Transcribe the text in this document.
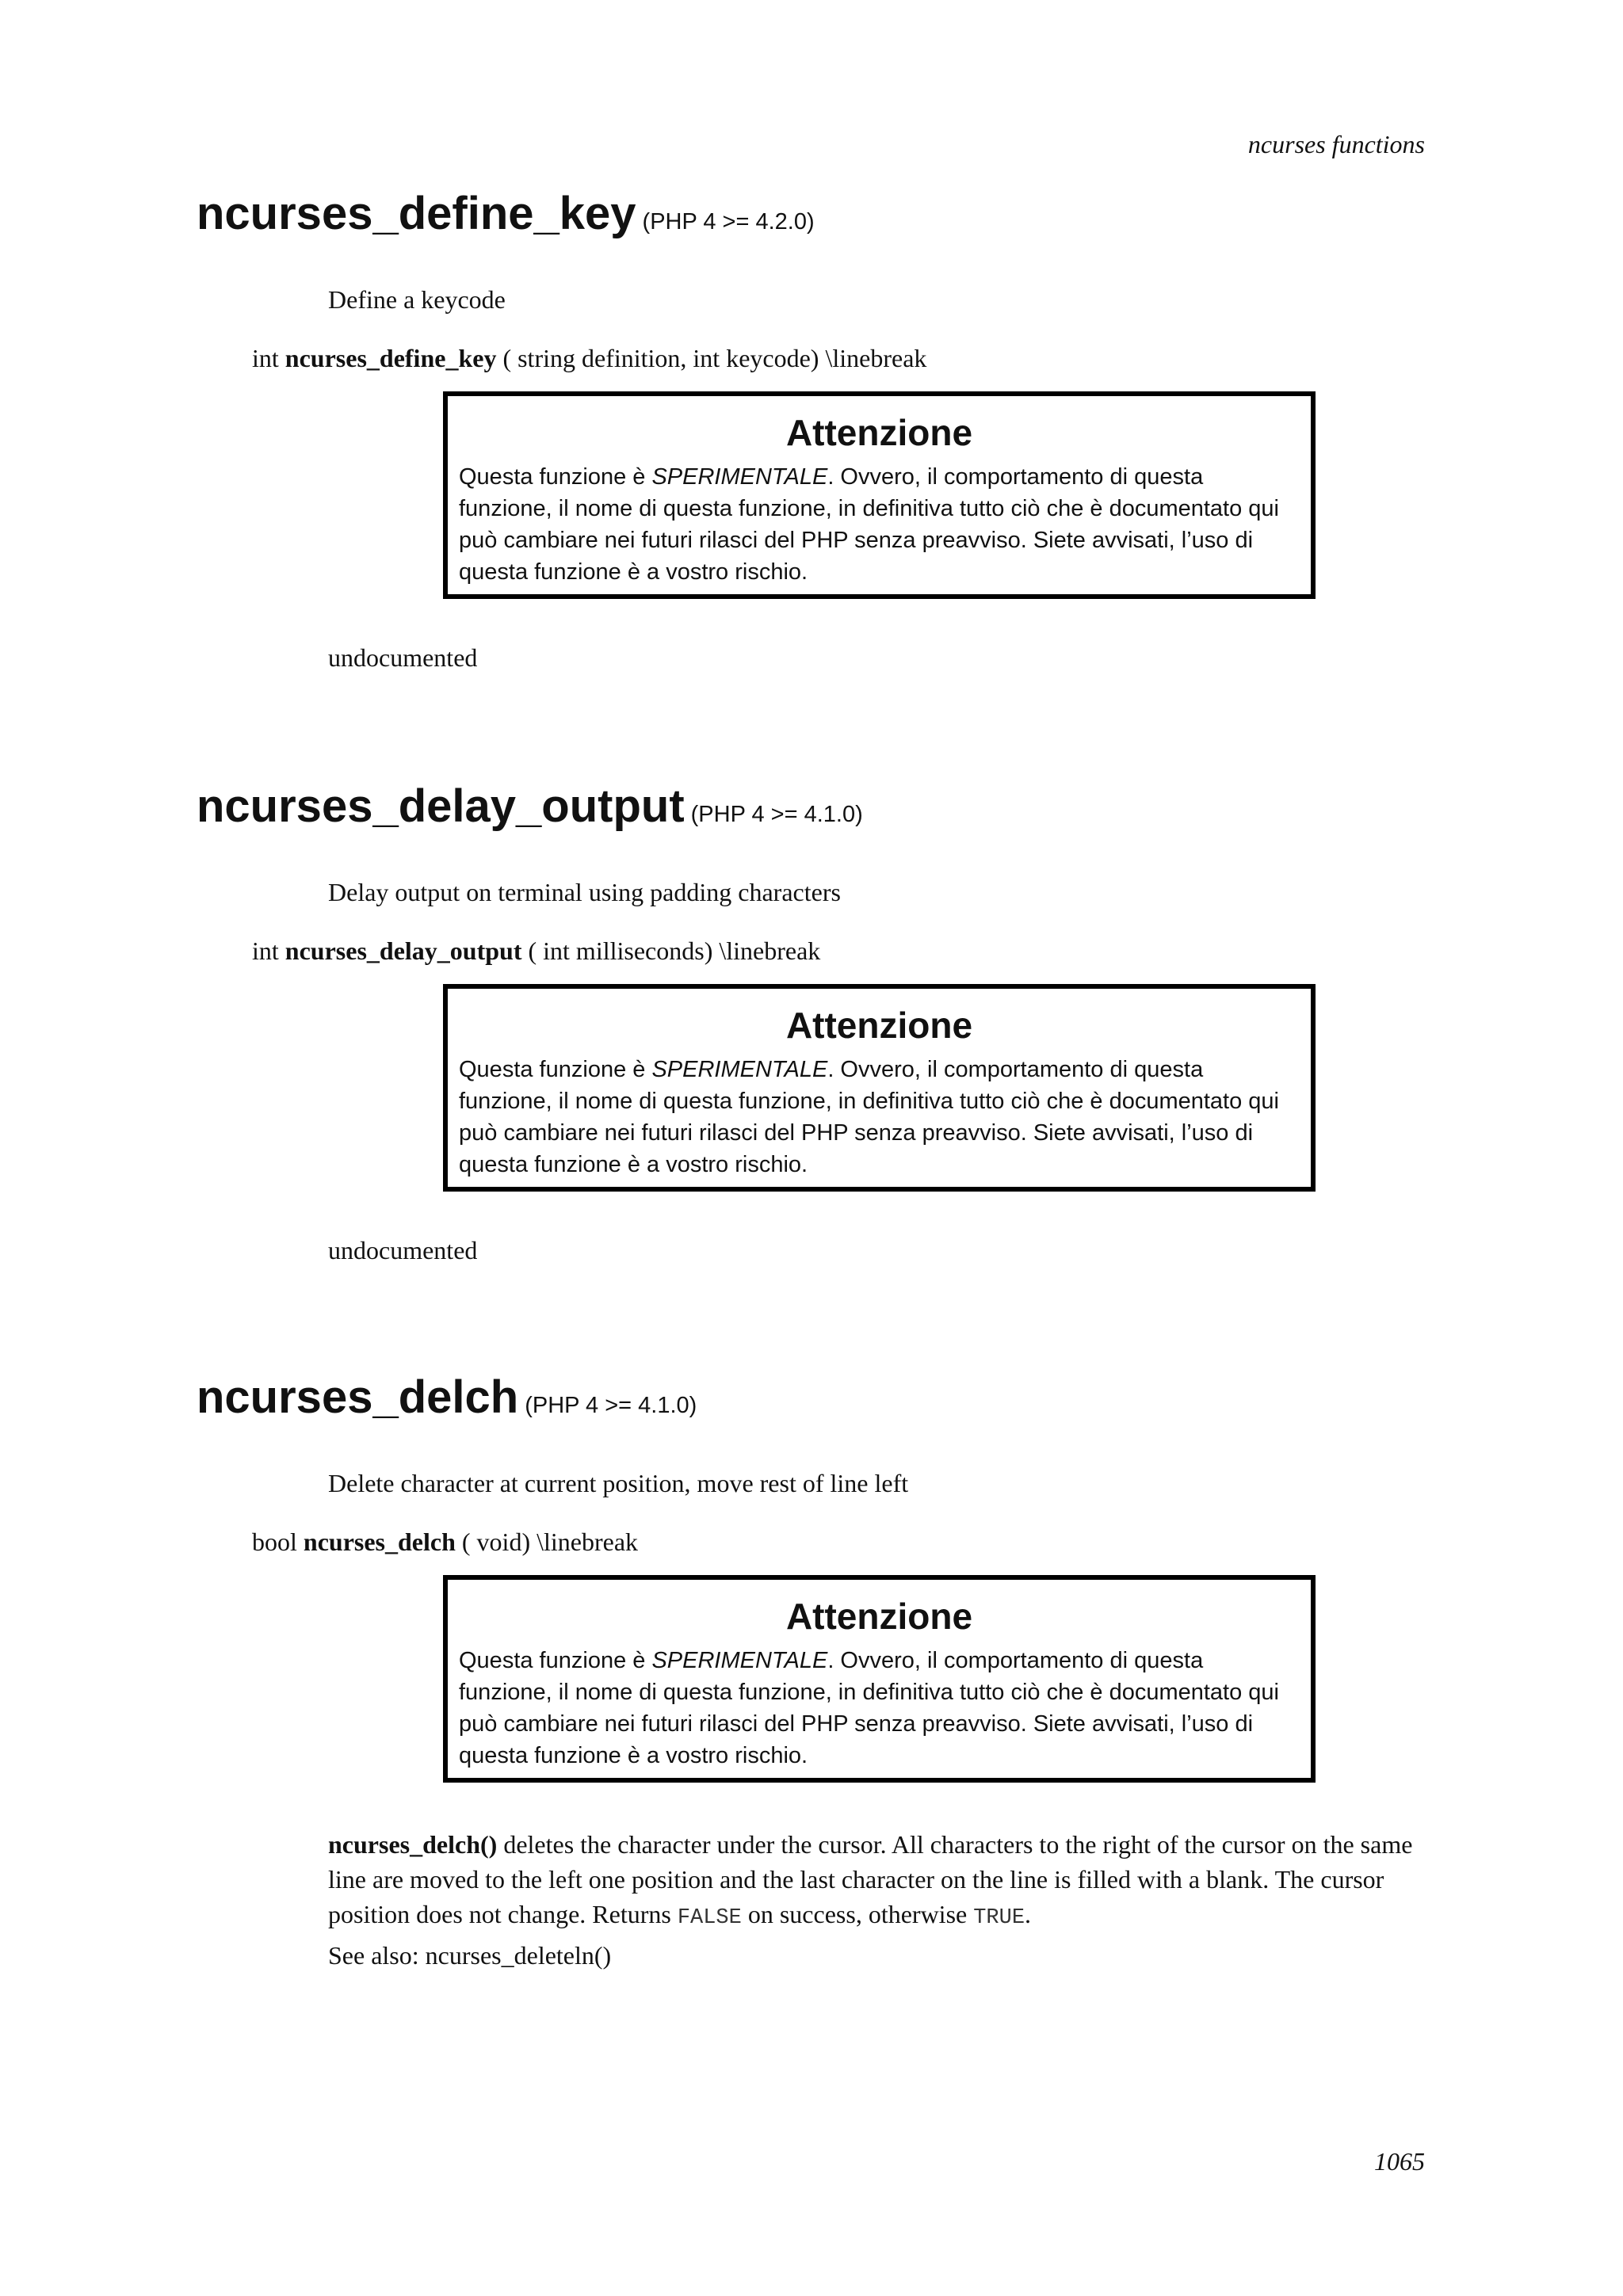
ncurses functions
ncurses_define_key (PHP 4 >= 4.2.0)
Define a keycode
int ncurses_define_key ( string definition, int keycode) \linebreak
Attenzione
Questa funzione è SPERIMENTALE. Ovvero, il comportamento di questa funzione, il nome di questa funzione, in definitiva tutto ciò che è documentato qui può cambiare nei futuri rilasci del PHP senza preavviso. Siete avvisati, l’uso di questa funzione è a vostro rischio.
undocumented
ncurses_delay_output (PHP 4 >= 4.1.0)
Delay output on terminal using padding characters
int ncurses_delay_output ( int milliseconds) \linebreak
Attenzione
Questa funzione è SPERIMENTALE. Ovvero, il comportamento di questa funzione, il nome di questa funzione, in definitiva tutto ciò che è documentato qui può cambiare nei futuri rilasci del PHP senza preavviso. Siete avvisati, l’uso di questa funzione è a vostro rischio.
undocumented
ncurses_delch (PHP 4 >= 4.1.0)
Delete character at current position, move rest of line left
bool ncurses_delch ( void) \linebreak
Attenzione
Questa funzione è SPERIMENTALE. Ovvero, il comportamento di questa funzione, il nome di questa funzione, in definitiva tutto ciò che è documentato qui può cambiare nei futuri rilasci del PHP senza preavviso. Siete avvisati, l’uso di questa funzione è a vostro rischio.
ncurses_delch() deletes the character under the cursor. All characters to the right of the cursor on the same line are moved to the left one position and the last character on the line is filled with a blank. The cursor position does not change. Returns FALSE on success, otherwise TRUE.
See also: ncurses_deleteln()
1065
